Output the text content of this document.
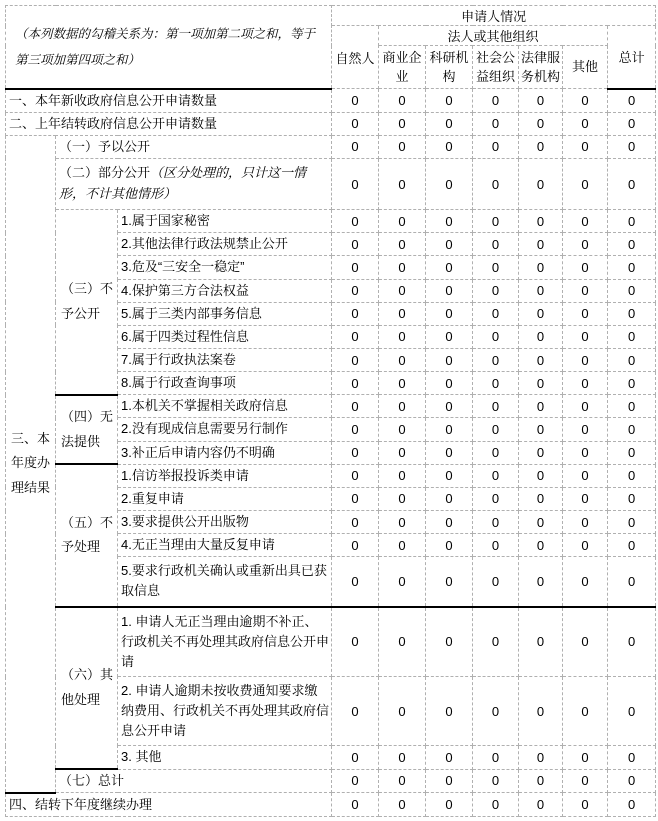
（本列数据的勾稽关系为：第一项加第二项之和，等于第三项加第四项之和）			申请人情况						
			自然人	法人或其他组织					总计
				商业企业	科研机构	社会公益组织	法律服务机构	其他	
一、本年新收政府信息公开申请数量			0	0	0	0	0	0	0
二、上年结转政府信息公开申请数量			0	0	0	0	0	0	0
三、本年度办理结果	（一）予以公开		0	0	0	0	0	0	0
	（二）部分公开（区分处理的，只计这一情形，不计其他情形）		0	0	0	0	0	0	0
	（三）不予公开	1.属于国家秘密	0	0	0	0	0	0	0
		2.其他法律行政法规禁止公开	0	0	0	0	0	0	0
		3.危及“三安全一稳定”	0	0	0	0	0	0	0
		4.保护第三方合法权益	0	0	0	0	0	0	0
		5.属于三类内部事务信息	0	0	0	0	0	0	0
		6.属于四类过程性信息	0	0	0	0	0	0	0
		7.属于行政执法案卷	0	0	0	0	0	0	0
		8.属于行政查询事项	0	0	0	0	0	0	0
	（四）无法提供	1.本机关不掌握相关政府信息	0	0	0	0	0	0	0
		2.没有现成信息需要另行制作	0	0	0	0	0	0	0
		3.补正后申请内容仍不明确	0	0	0	0	0	0	0
	（五）不予处理	1.信访举报投诉类申请	0	0	0	0	0	0	0
		2.重复申请	0	0	0	0	0	0	0
		3.要求提供公开出版物	0	0	0	0	0	0	0
		4.无正当理由大量反复申请	0	0	0	0	0	0	0
		5.要求行政机关确认或重新出具已获取信息	0	0	0	0	0	0	0
	（六）其他处理	1. 申请人无正当理由逾期不补正、行政机关不再处理其政府信息公开申请	0	0	0	0	0	0	0
		2. 申请人逾期未按收费通知要求缴纳费用、行政机关不再处理其政府信息公开申请	0	0	0	0	0	0	0
		3. 其他	0	0	0	0	0	0	0
	（七）总计		0	0	0	0	0	0	0
四、结转下年度继续办理			0	0	0	0	0	0	0
